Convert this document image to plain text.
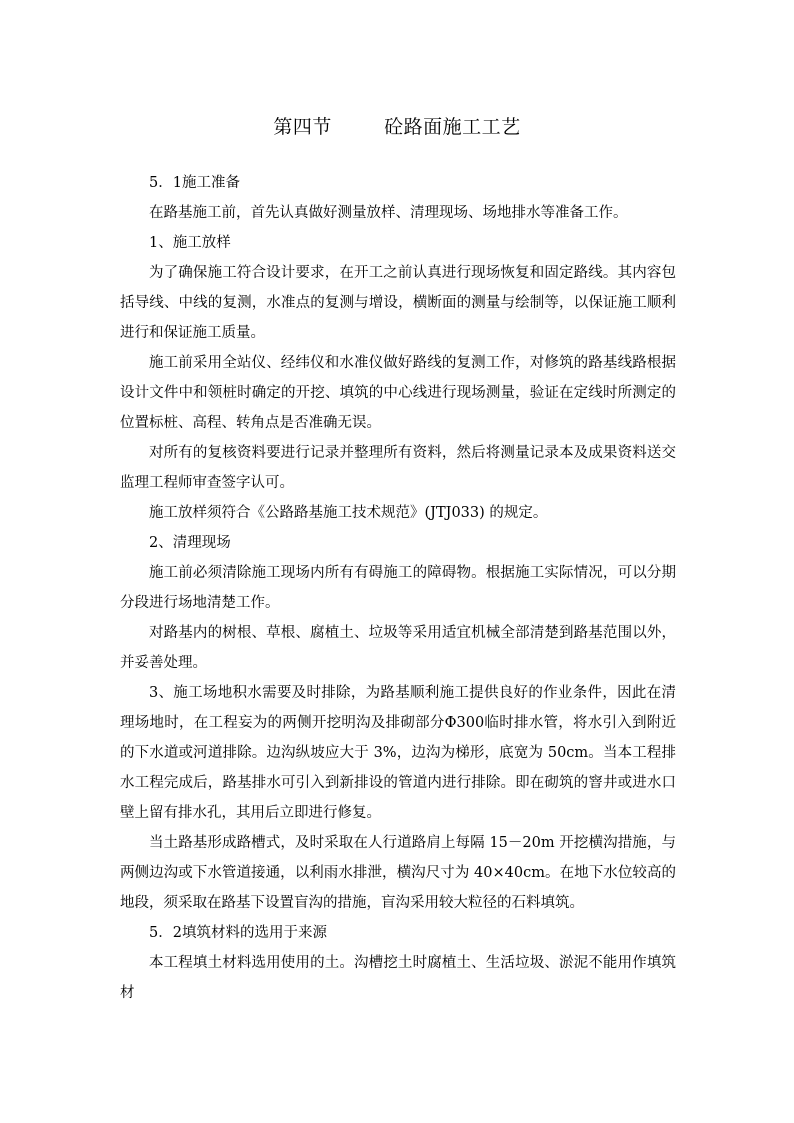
第四节        砼路面施工工艺

5．1施工准备

在路基施工前，首先认真做好测量放样、清理现场、场地排水等准备工作。

1、施工放样

为了确保施工符合设计要求，在开工之前认真进行现场恢复和固定路线。其内容包括导线、中线的复测，水准点的复测与增设，横断面的测量与绘制等，以保证施工顺利进行和保证施工质量。

施工前采用全站仪、经纬仪和水准仪做好路线的复测工作，对修筑的路基线路根据设计文件中和领桩时确定的开挖、填筑的中心线进行现场测量，验证在定线时所测定的位置标桩、高程、转角点是否准确无误。

对所有的复核资料要进行记录并整理所有资料，然后将测量记录本及成果资料送交监理工程师审查签字认可。

施工放样须符合《公路路基施工技术规范》(JTJ033) 的规定。

2、清理现场

施工前必须清除施工现场内所有有碍施工的障碍物。根据施工实际情况，可以分期分段进行场地清楚工作。

对路基内的树根、草根、腐植土、垃圾等采用适宜机械全部清楚到路基范围以外，并妥善处理。

3、施工场地积水需要及时排除，为路基顺利施工提供良好的作业条件，因此在清理场地时，在工程妄为的两侧开挖明沟及排砌部分Φ300临时排水管，将水引入到附近的下水道或河道排除。边沟纵坡应大于 3%，边沟为梯形，底宽为 50cm。当本工程排水工程完成后，路基排水可引入到新排设的管道内进行排除。即在砌筑的窨井或进水口壁上留有排水孔，其用后立即进行修复。

当土路基形成路槽式，及时采取在人行道路肩上每隔 15－20m 开挖横沟措施，与两侧边沟或下水管道接通，以利雨水排泄，横沟尺寸为 40×40cm。在地下水位较高的地段，须采取在路基下设置盲沟的措施，盲沟采用较大粒径的石料填筑。

5．2填筑材料的选用于来源

本工程填土材料选用使用的土。沟槽挖土时腐植土、生活垃圾、淤泥不能用作填筑材
